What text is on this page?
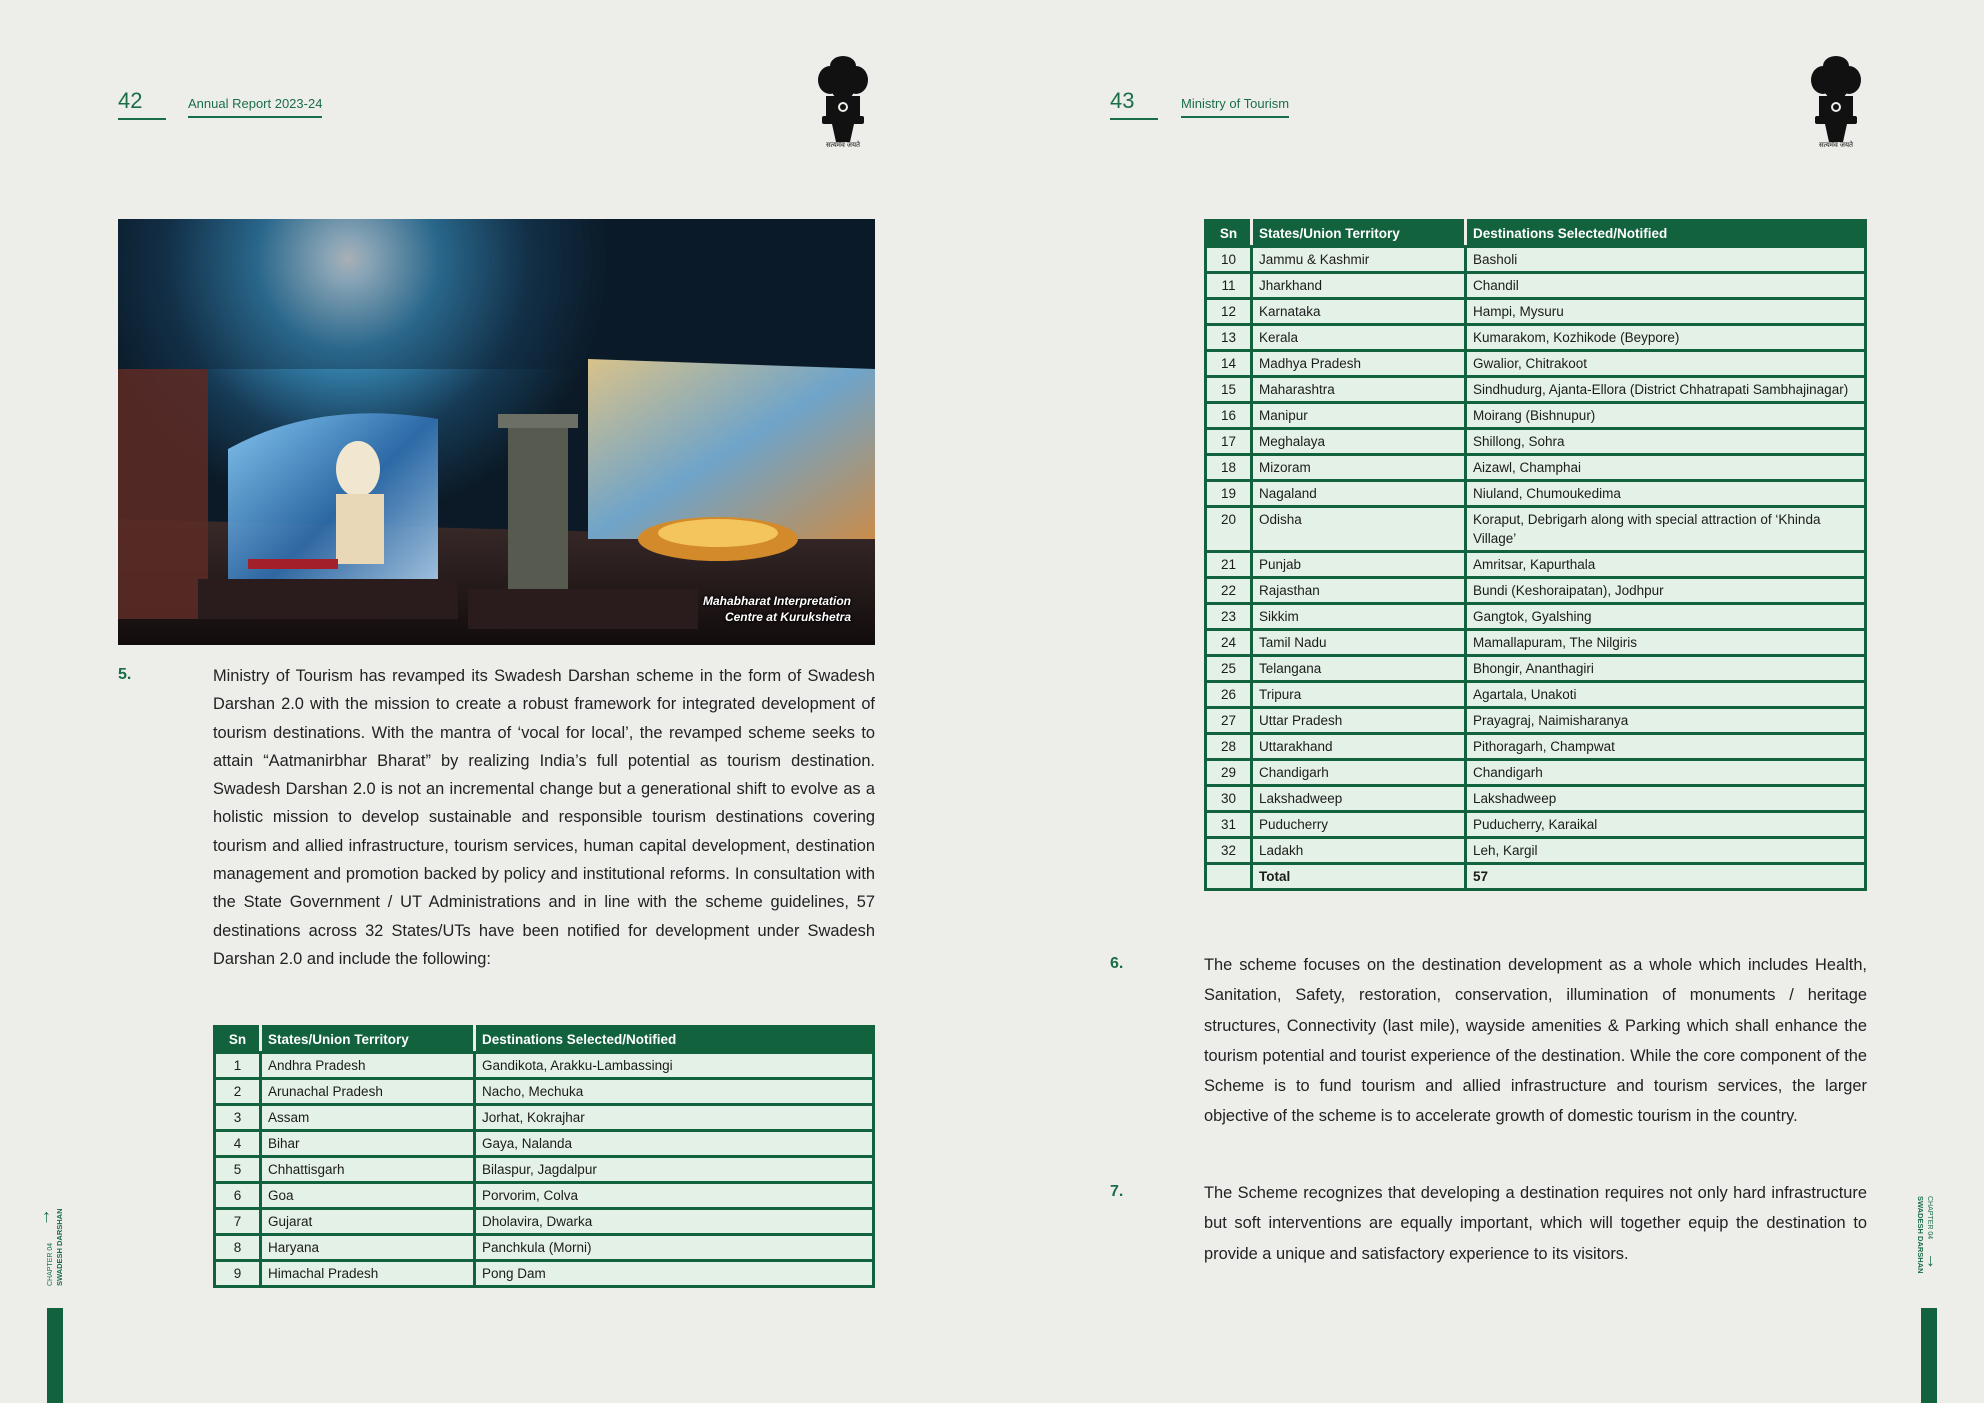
42	Annual Report 2023-24
सत्यमेव जयते
Mahabharat Interpretation
Centre at Kurukshetra
5.	Ministry of Tourism has revamped its Swadesh Darshan scheme in the form of Swadesh Darshan 2.0 with the mission to create a robust framework for integrated development of tourism destinations. With the mantra of ‘vocal for local’, the revamped scheme seeks to attain “Aatmanirbhar Bharat” by realizing India’s full potential as tourism destination. Swadesh Darshan 2.0 is not an incremental change but a generational shift to evolve as a holistic mission to develop sustainable and responsible tourism destinations covering tourism and allied infrastructure, tourism services, human capital development, destination management and promotion backed by policy and institutional reforms. In consultation with the State Government / UT Administrations and in line with the scheme guidelines, 57 destinations across 32 States/UTs have been notified for development under Swadesh Darshan 2.0 and include the following:
Sn	States/Union Territory	Destinations Selected/Notified
1	Andhra Pradesh	Gandikota, Arakku-Lambassingi
2	Arunachal Pradesh	Nacho, Mechuka
3	Assam	Jorhat, Kokrajhar
4	Bihar	Gaya, Nalanda
5	Chhattisgarh	Bilaspur, Jagdalpur
6	Goa	Porvorim, Colva
7	Gujarat	Dholavira, Dwarka
8	Haryana	Panchkula (Morni)
9	Himachal Pradesh	Pong Dam
CHAPTER 04 SWADESH DARSHAN
↑
43	Ministry of Tourism
सत्यमेव जयते
Sn	States/Union Territory	Destinations Selected/Notified
10	Jammu & Kashmir	Basholi
11	Jharkhand	Chandil
12	Karnataka	Hampi, Mysuru
13	Kerala	Kumarakom, Kozhikode (Beypore)
14	Madhya Pradesh	Gwalior, Chitrakoot
15	Maharashtra	Sindhudurg, Ajanta-Ellora (District Chhatrapati Sambhajinagar)
16	Manipur	Moirang (Bishnupur)
17	Meghalaya	Shillong, Sohra
18	Mizoram	Aizawl, Champhai
19	Nagaland	Niuland, Chumoukedima
20	Odisha	Koraput, Debrigarh along with special attraction of ‘Khinda Village’
21	Punjab	Amritsar, Kapurthala
22	Rajasthan	Bundi (Keshoraipatan), Jodhpur
23	Sikkim	Gangtok, Gyalshing
24	Tamil Nadu	Mamallapuram, The Nilgiris
25	Telangana	Bhongir, Ananthagiri
26	Tripura	Agartala, Unakoti
27	Uttar Pradesh	Prayagraj, Naimisharanya
28	Uttarakhand	Pithoragarh, Champwat
29	Chandigarh	Chandigarh
30	Lakshadweep	Lakshadweep
31	Puducherry	Puducherry, Karaikal
32	Ladakh	Leh, Kargil
	Total	57
6.	The scheme focuses on the destination development as a whole which includes Health, Sanitation, Safety, restoration, conservation, illumination of monuments / heritage structures, Connectivity (last mile), wayside amenities & Parking which shall enhance the tourism potential and tourist experience of the destination. While the core component of the Scheme is to fund tourism and allied infrastructure and tourism services, the larger objective of the scheme is to accelerate growth of domestic tourism in the country.
7.	The Scheme recognizes that developing a destination requires not only hard infrastructure but soft interventions are equally important, which will together equip the destination to provide a unique and satisfactory experience to its visitors.
CHAPTER 04
SWADESH DARSHAN ↓
